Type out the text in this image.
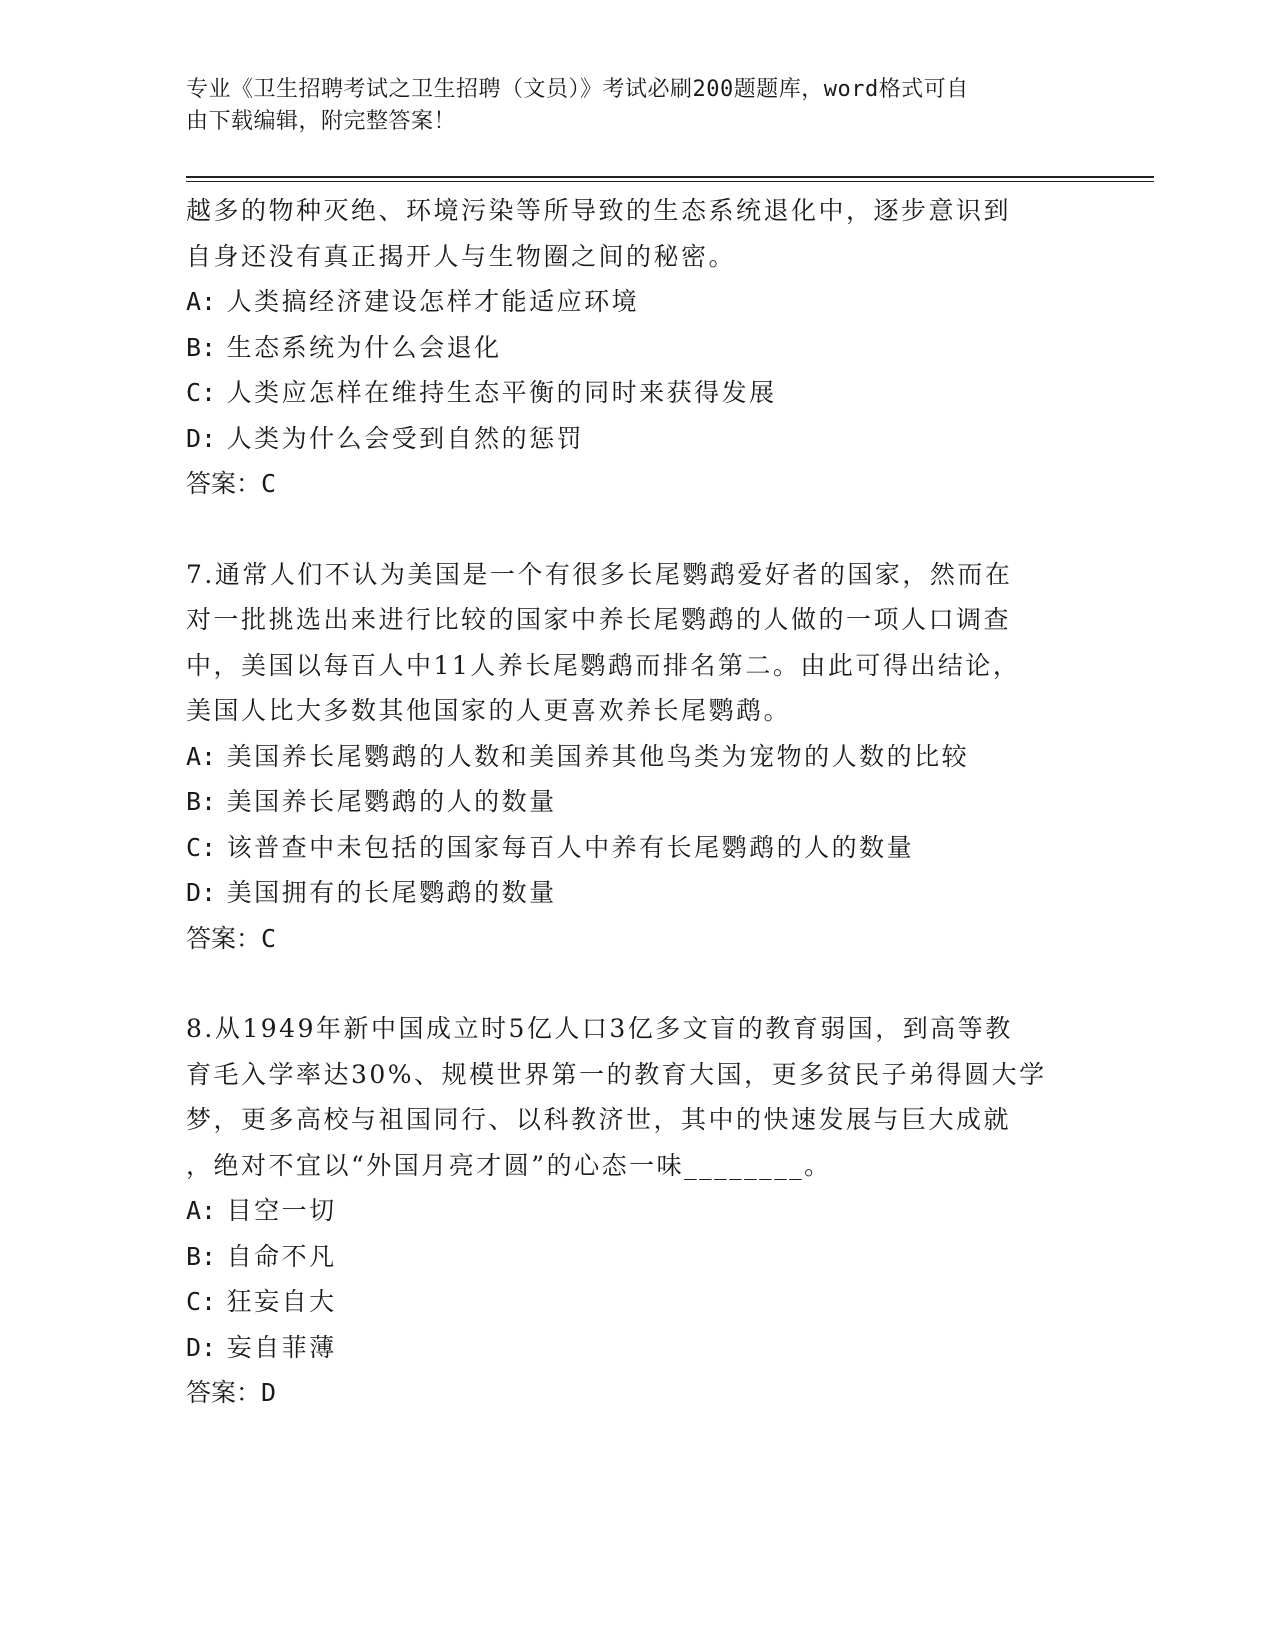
专业《卫生招聘考试之卫生招聘（文员）》考试必刷200题题库，word格式可自
由下载编辑，附完整答案！

越多的物种灭绝、环境污染等所导致的生态系统退化中，逐步意识到

自身还没有真正揭开人与生物圈之间的秘密。

A: 人类搞经济建设怎样才能适应环境

B: 生态系统为什么会退化

C: 人类应怎样在维持生态平衡的同时来获得发展

D: 人类为什么会受到自然的惩罚

答案：C

7.通常人们不认为美国是一个有很多长尾鹦鹉爱好者的国家，然而在

对一批挑选出来进行比较的国家中养长尾鹦鹉的人做的一项人口调查

中，美国以每百人中11人养长尾鹦鹉而排名第二。由此可得出结论，

美国人比大多数其他国家的人更喜欢养长尾鹦鹉。

A: 美国养长尾鹦鹉的人数和美国养其他鸟类为宠物的人数的比较

B: 美国养长尾鹦鹉的人的数量

C: 该普查中未包括的国家每百人中养有长尾鹦鹉的人的数量

D: 美国拥有的长尾鹦鹉的数量

答案：C

8.从1949年新中国成立时5亿人口3亿多文盲的教育弱国，到高等教

育毛入学率达30%、规模世界第一的教育大国，更多贫民子弟得圆大学

梦，更多高校与祖国同行、以科教济世，其中的快速发展与巨大成就

，绝对不宜以“外国月亮才圆”的心态一味________。

A: 目空一切

B: 自命不凡

C: 狂妄自大

D: 妄自菲薄

答案：D
